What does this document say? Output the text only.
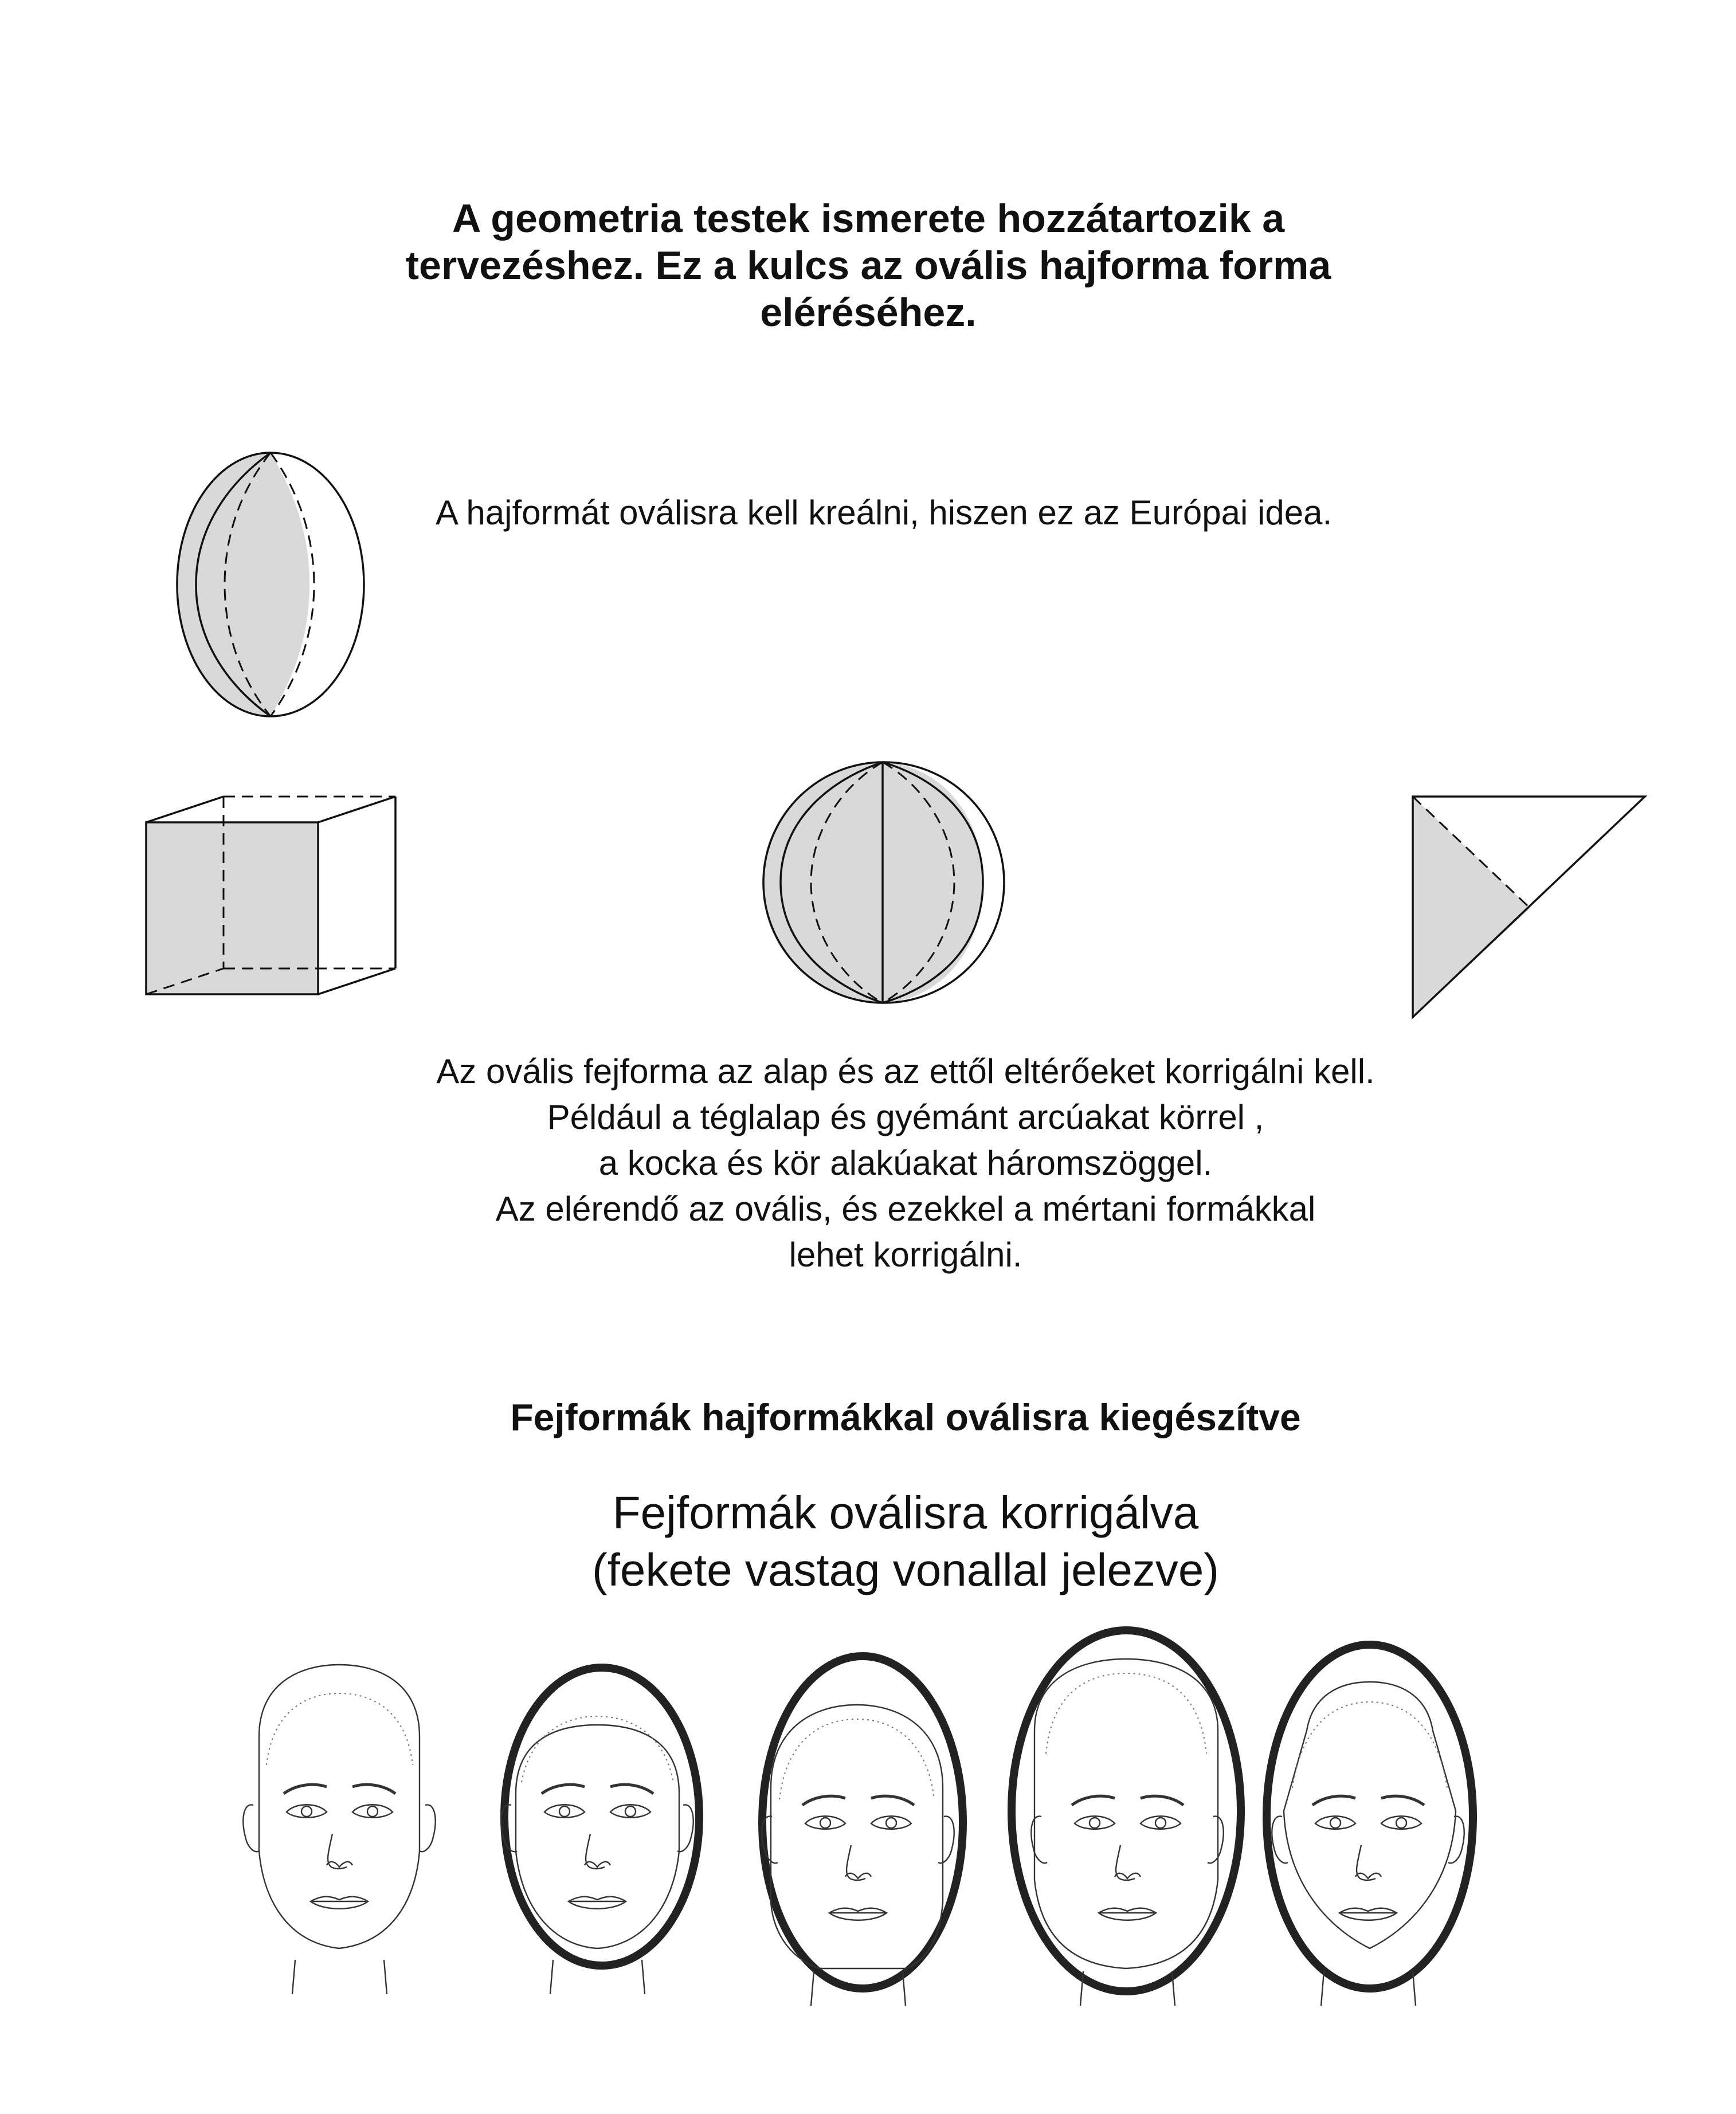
A geometria testek ismerete hozzátartozik a tervezéshez. Ez a kulcs az ovális hajforma forma eléréséhez.

A hajformát oválisra kell kreálni, hiszen ez az Európai idea.

Az ovális fejforma az alap és az ettől eltérőeket korrigálni kell.
Például a téglalap és gyémánt arcúakat körrel ,
a kocka és kör alakúakat háromszöggel.
Az elérendő az ovális, és ezekkel a mértani formákkal
lehet korrigálni.
Fejformák hajformákkal oválisra kiegészítve
Fejformák oválisra korrigálva
(fekete vastag vonallal jelezve)
